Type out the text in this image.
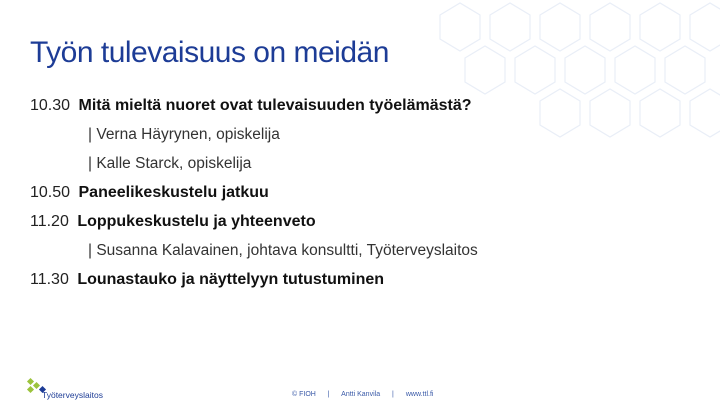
Työn tulevaisuus on meidän
10.30 Mitä mieltä nuoret ovat tulevaisuuden työelämästä?
| Verna Häyrynen, opiskelija
| Kalle Starck, opiskelija
10.50 Paneelikeskustelu jatkuu
11.20 Loppukeskustelu ja yhteenveto
| Susanna Kalavainen, johtava konsultti, Työterveyslaitos
11.30 Lounastauko ja näyttelyyn tutustuminen
Työterveyslaitos	© FIOH | Antti Kanvila | www.ttl.fi
